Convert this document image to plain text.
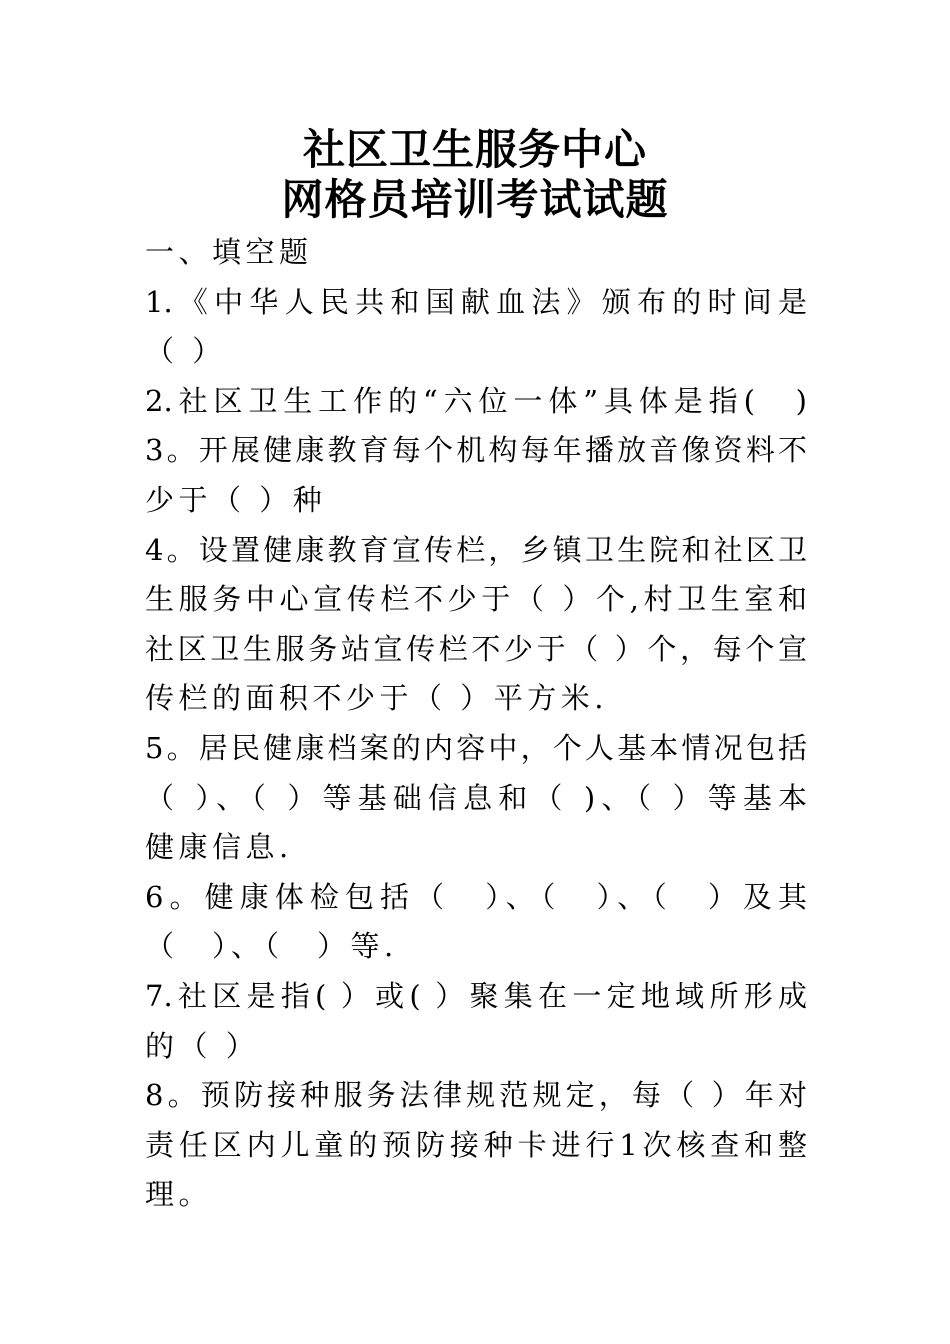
社区卫生服务中心
网格员培训考试试题
一、填空题
1.《中华人民共和国献血法》颁布的时间是
（ ）
2.社区卫生工作的“六位一体”具体是指(　)
3。开展健康教育每个机构每年播放音像资料不
少于（ ）种
4。设置健康教育宣传栏，乡镇卫生院和社区卫
生服务中心宣传栏不少于（ ）个,村卫生室和
社区卫生服务站宣传栏不少于（ ）个，每个宣
传栏的面积不少于（ ）平方米.
5。居民健康档案的内容中，个人基本情况包括
（ ）、（ ）等基础信息和（ )、（ ）等基本
健康信息.
6。健康体检包括（　）、（　）、（　）及其
（　）、（　）等.
7.社区是指( ）或( ）聚集在一定地域所形成
的（ ）
8。预防接种服务法律规范规定，每（ ）年对
责任区内儿童的预防接种卡进行1次核查和整
理。
